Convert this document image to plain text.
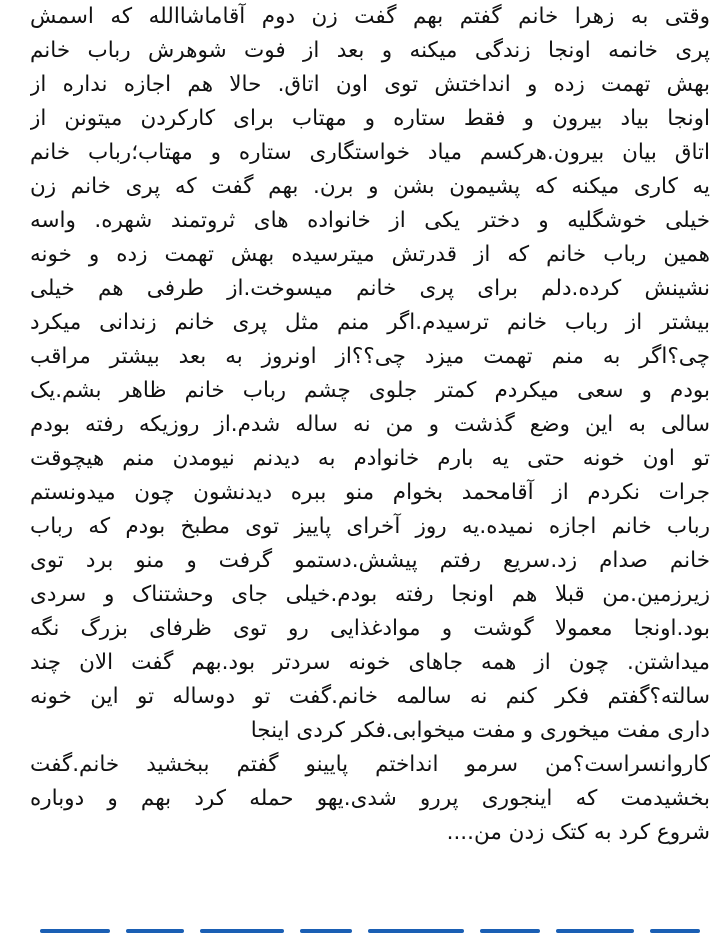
وقتی به زهرا خانم گفتم بهم گفت زن دوم آقاماشاالله که اسمش
پری خانمه اونجا زندگی میکنه و بعد از فوت شوهرش رباب خانم
بهش تهمت زده و انداختش توی اون اتاق. حالا هم اجازه نداره از
اونجا بیاد بیرون و فقط ستاره و مهتاب برای کارکردن میتونن از
اتاق بیان بیرون.هرکسم میاد خواستگاری ستاره و مهتاب؛رباب خانم
یه کاری میکنه که پشیمون بشن و برن. بهم گفت که پری خانم زن
خیلی خوشگلیه و دختر یکی از خانواده های ثروتمند شهره. واسه
همین رباب خانم که از قدرتش میترسیده بهش تهمت زده و خونه
نشینش کرده.دلم برای پری خانم میسوخت.از طرفی هم خیلی
بیشتر از رباب خانم ترسیدم.اگر منم مثل پری خانم زندانی میکرد
چی؟اگر به منم تهمت میزد چی؟؟از اونروز به بعد بیشتر مراقب
بودم و سعی میکردم کمتر جلوی چشم رباب خانم ظاهر بشم.یک
سالی به این وضع گذشت و من نه ساله شدم.از روزیکه رفته بودم
تو اون خونه حتی یه بارم خانوادم به دیدنم نیومدن منم هیچوقت
جرات نکردم از آقامحمد بخوام منو ببره دیدنشون چون میدونستم
رباب خانم اجازه نمیده.یه روز آخرای پاییز توی مطبخ بودم که رباب
خانم صدام زد.سریع رفتم پیشش.دستمو گرفت و منو برد توی
زیرزمین.من قبلا هم اونجا رفته بودم.خیلی جای وحشتناک و سردی
بود.اونجا معمولا گوشت و موادغذایی رو توی ظرفای بزرگ نگه
میداشتن. چون از همه جاهای خونه سردتر بود.بهم گفت الان چند
سالته؟گفتم فکر کنم نه سالمه خانم.گفت تو دوساله تو این خونه
داری مفت میخوری و مفت میخوابی.فکر کردی اینجا
کاروانسراست؟من سرمو انداختم پایینو گفتم ببخشید خانم.گفت
بخشیدمت که اینجوری پررو شدی.یهو حمله کرد بهم و دوباره
شروع کرد به کتک زدن من....
